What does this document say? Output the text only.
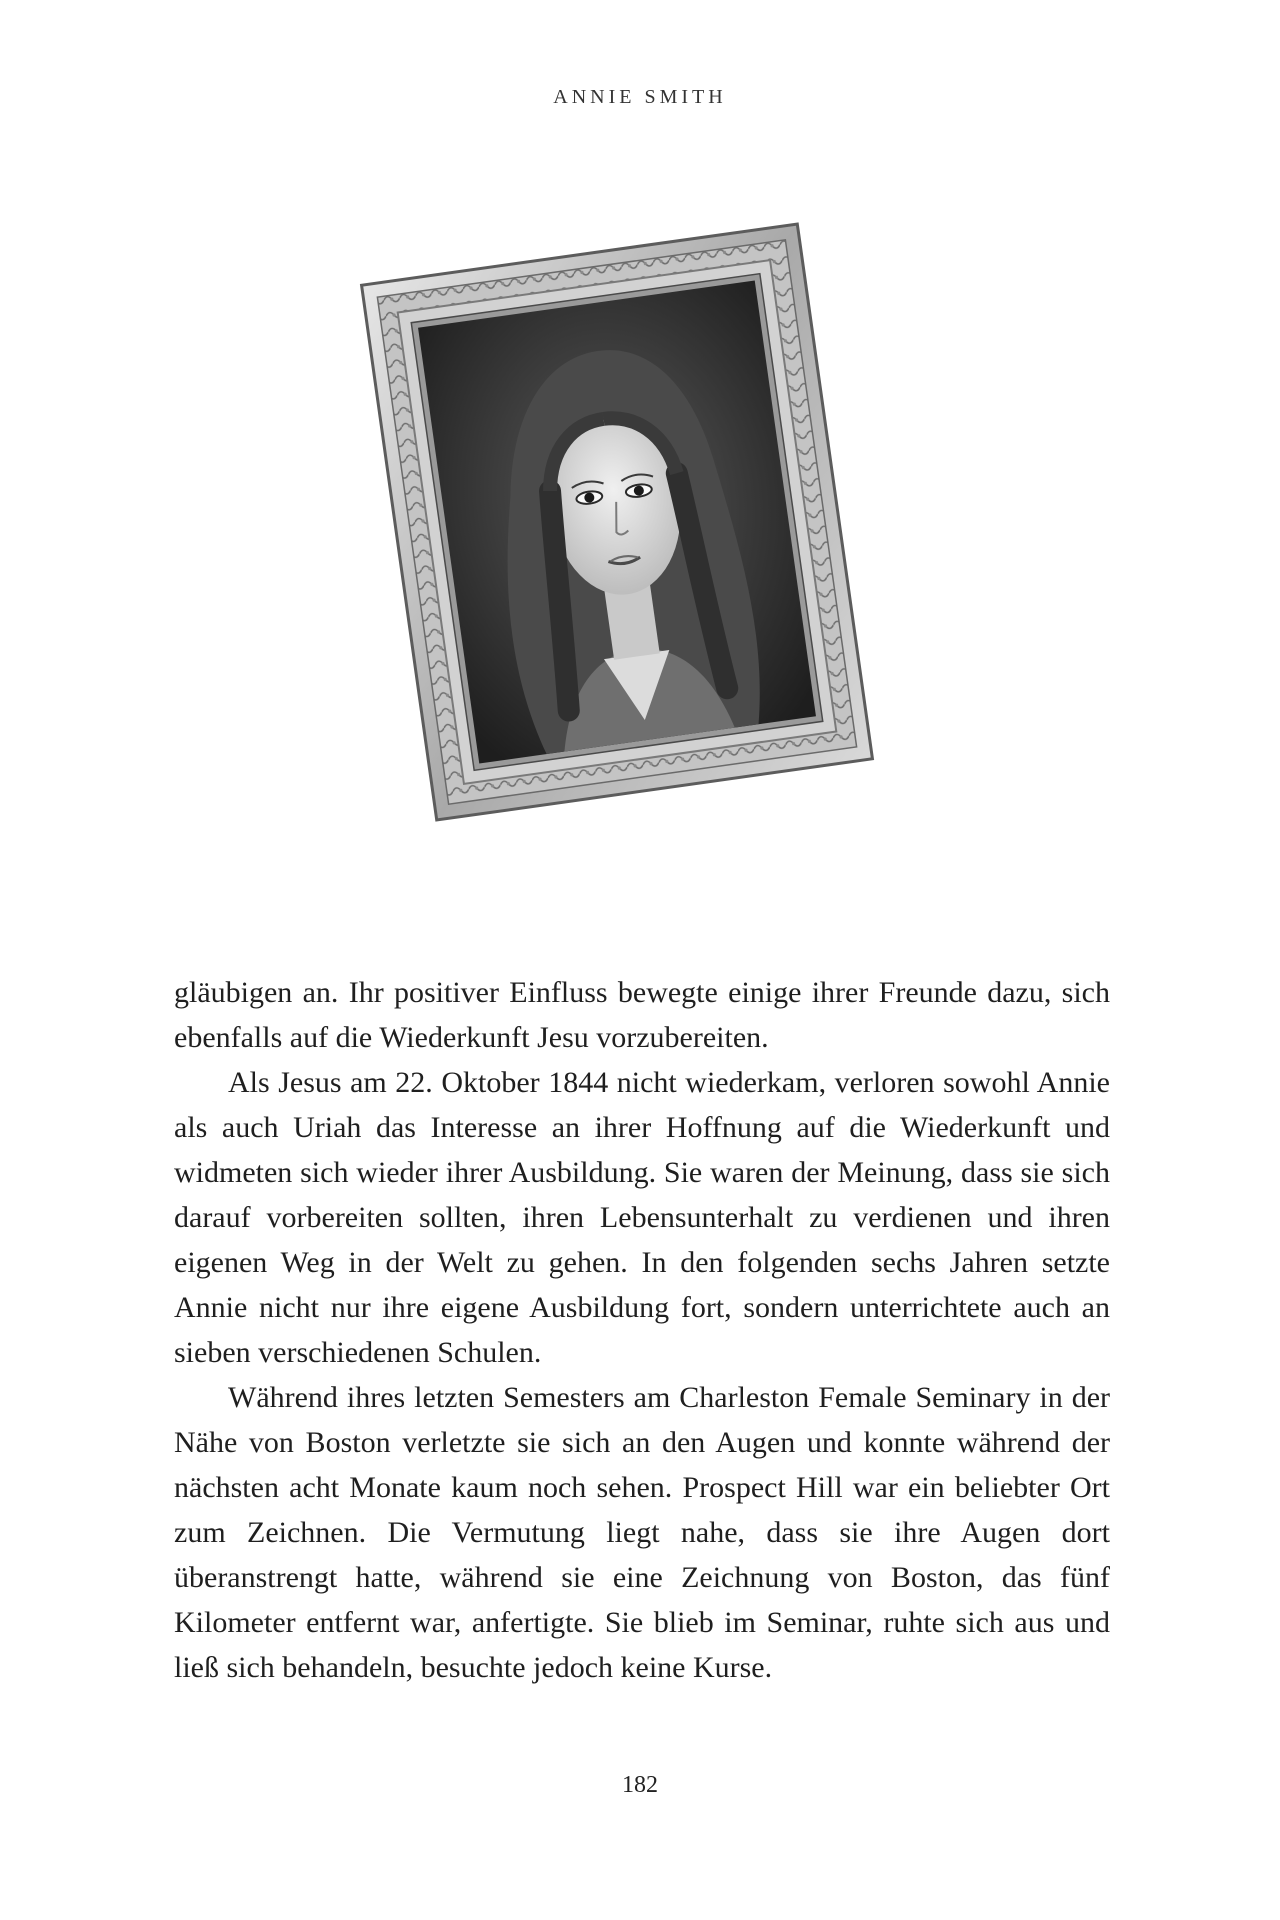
ANNIE SMITH

gläubigen an. Ihr positiver Einfluss bewegte einige ihrer Freunde dazu, sich ebenfalls auf die Wiederkunft Jesu vorzubereiten.

Als Jesus am 22. Oktober 1844 nicht wiederkam, verloren sowohl Annie als auch Uriah das Interesse an ihrer Hoffnung auf die Wiederkunft und widmeten sich wieder ihrer Ausbildung. Sie waren der Meinung, dass sie sich darauf vorbereiten sollten, ihren Lebensunterhalt zu verdienen und ihren eigenen Weg in der Welt zu gehen. In den folgenden sechs Jahren setzte Annie nicht nur ihre eigene Ausbildung fort, sondern unterrichtete auch an sieben verschiedenen Schulen.

Während ihres letzten Semesters am Charleston Female Seminary in der Nähe von Boston verletzte sie sich an den Augen und konnte während der nächsten acht Monate kaum noch sehen. Prospect Hill war ein beliebter Ort zum Zeichnen. Die Vermutung liegt nahe, dass sie ihre Augen dort überanstrengt hatte, während sie eine Zeichnung von Boston, das fünf Kilometer entfernt war, anfertigte. Sie blieb im Seminar, ruhte sich aus und ließ sich behandeln, besuchte jedoch keine Kurse.

182
